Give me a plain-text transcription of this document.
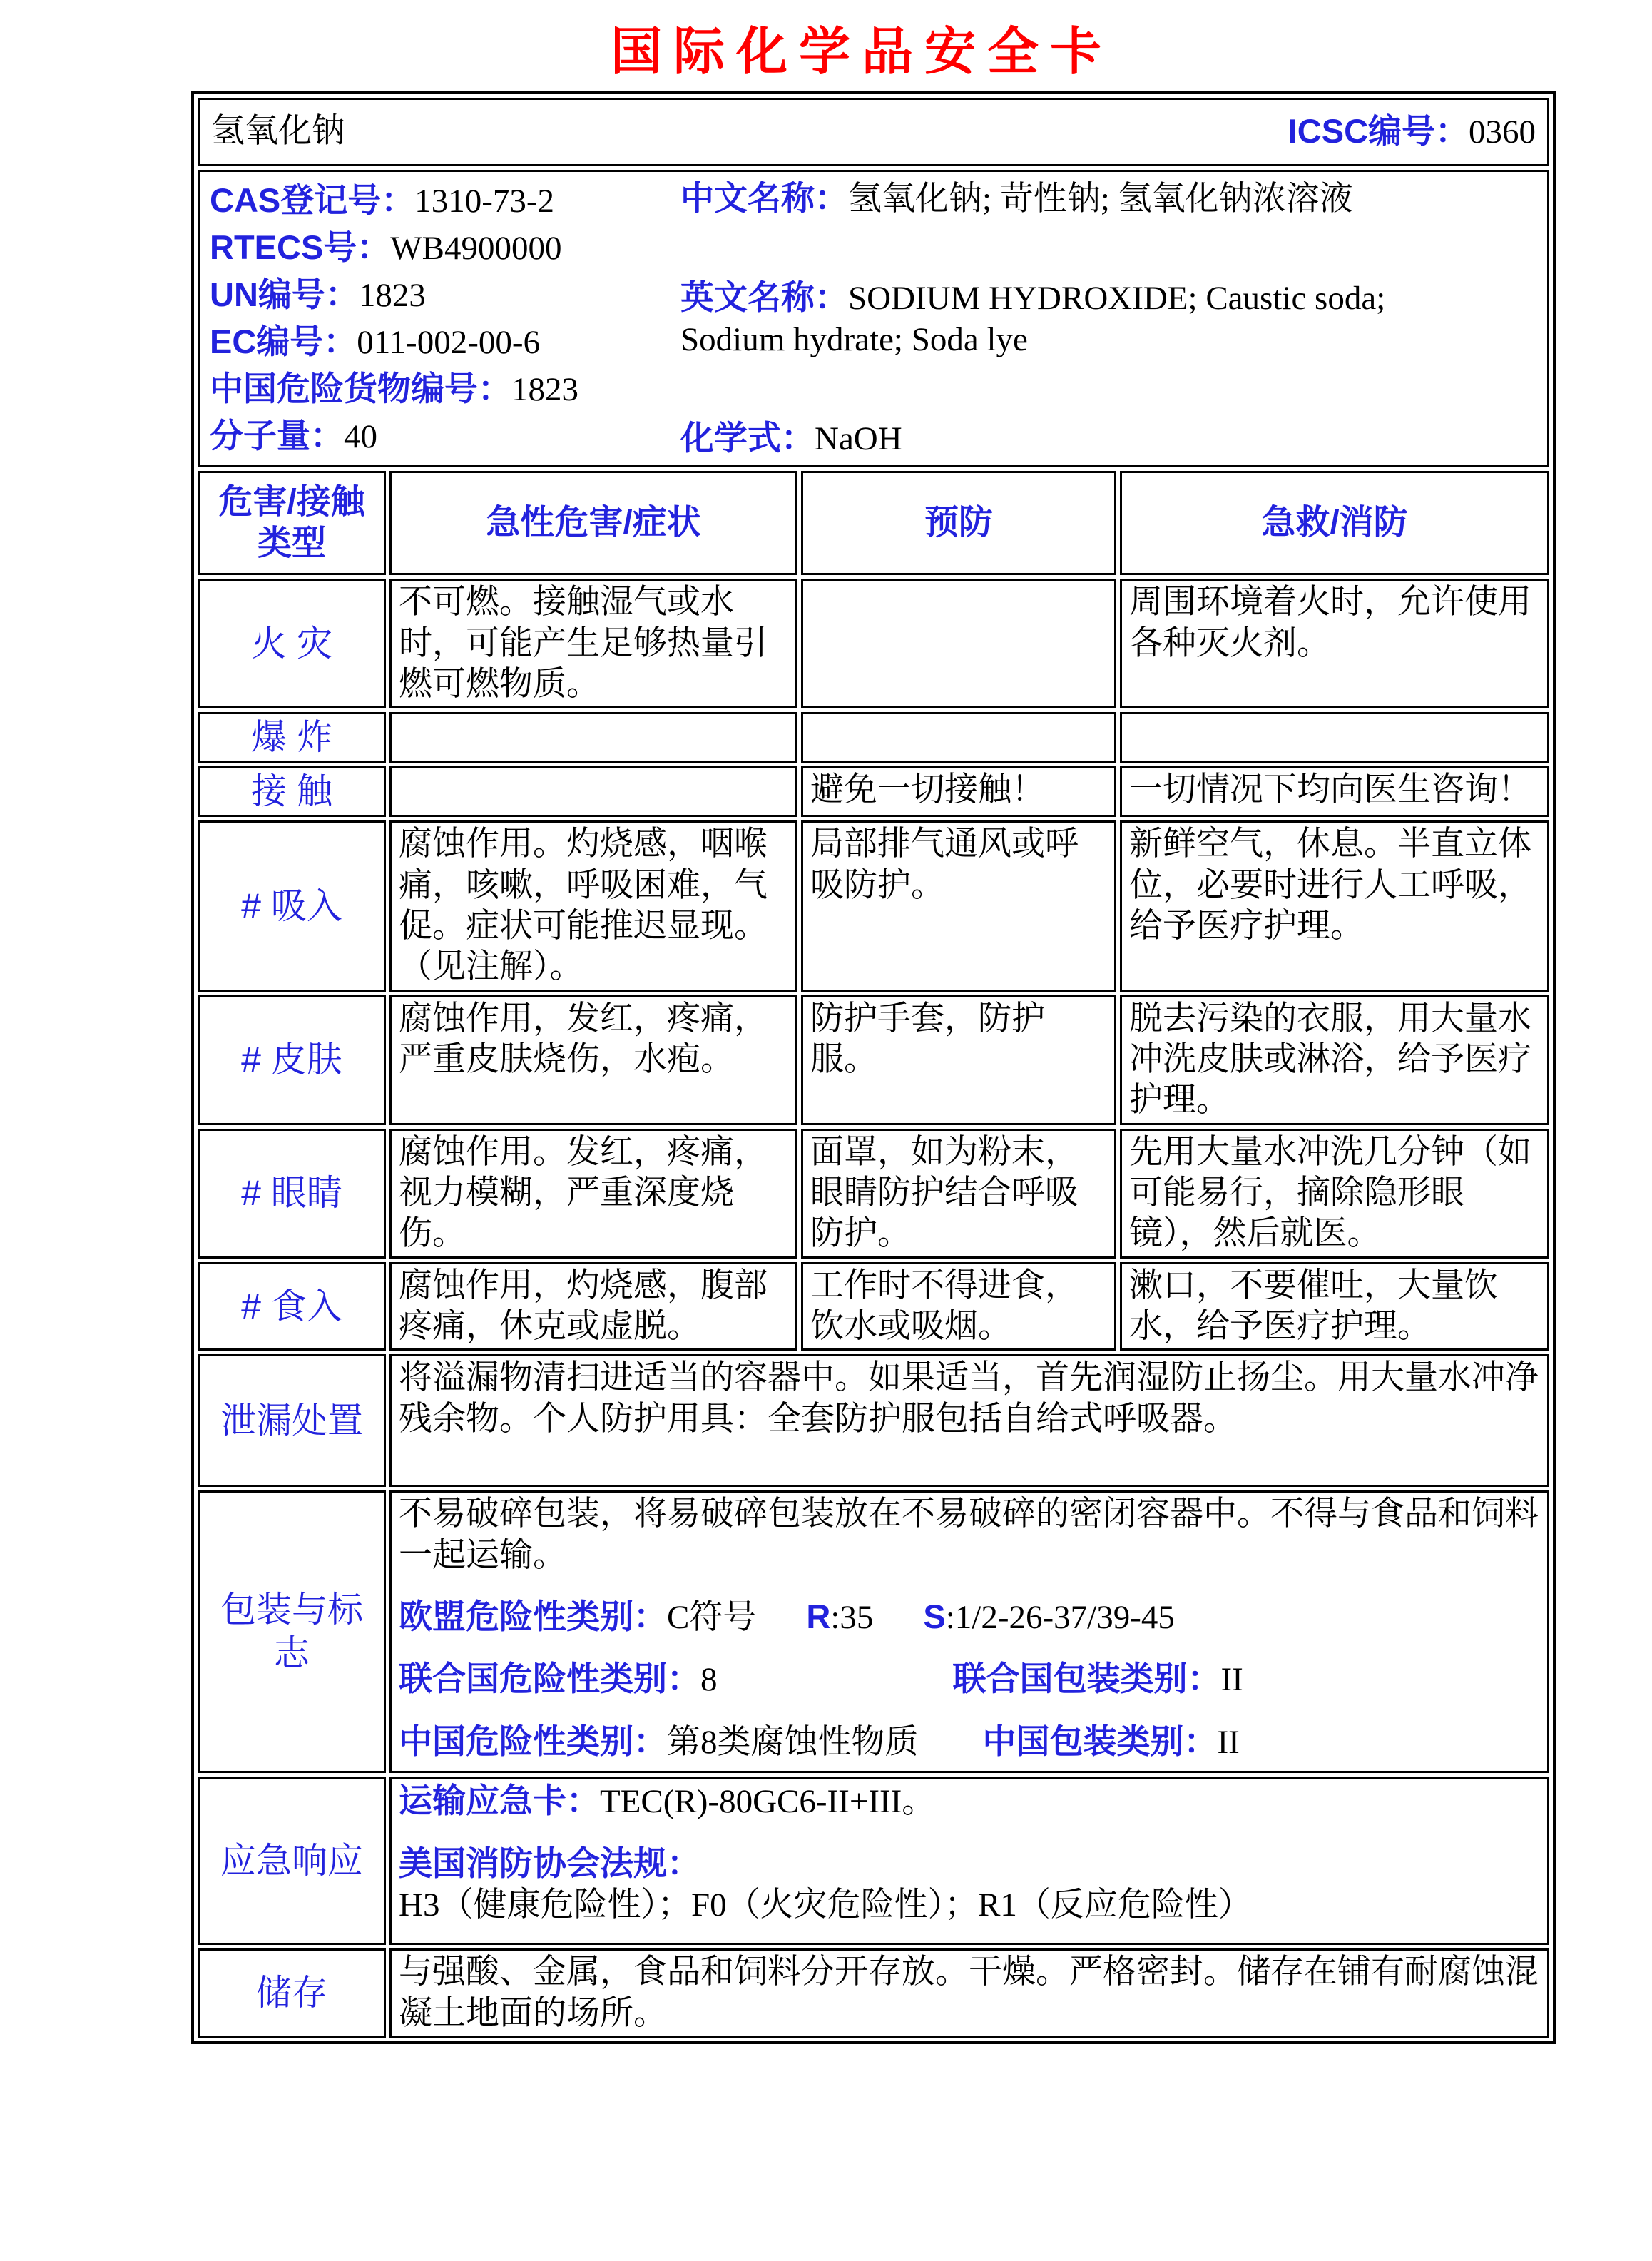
国际化学品安全卡
氢氧化钠 ICSC编号：0360			

CAS登记号：1310-73-2
RTECS号：WB4900000
UN编号：1823
EC编号：011-002-00-6
中国危险货物编号：1823
分子量：40
中文名称：氢氧化钠; 苛性钠; 氢氧化钠浓溶液
英文名称：SODIUM HYDROXIDE; Caustic soda;
Sodium hydrate; Soda lye
化学式：NaOH

危害/接触类型	急性危害/症状	预防	急救/消防
火 灾	不可燃。接触湿气或水时，可能产生足够热量引燃可燃物质。		周围环境着火时，允许使用各种灭火剂。
爆 炸			
接 触		避免一切接触！	一切情况下均向医生咨询！
# 吸入	腐蚀作用。灼烧感，咽喉痛，咳嗽，呼吸困难，气促。症状可能推迟显现。（见注解）。	局部排气通风或呼吸防护。	新鲜空气，休息。半直立体位，必要时进行人工呼吸，给予医疗护理。
# 皮肤	腐蚀作用，发红，疼痛，严重皮肤烧伤，水疱。	防护手套，防护服。	脱去污染的衣服，用大量水冲洗皮肤或淋浴，给予医疗护理。
# 眼睛	腐蚀作用。发红，疼痛，视力模糊，严重深度烧伤。	面罩，如为粉末，眼睛防护结合呼吸防护。	先用大量水冲洗几分钟（如可能易行，摘除隐形眼镜），然后就医。
# 食入	腐蚀作用，灼烧感，腹部疼痛，休克或虚脱。	工作时不得进食，饮水或吸烟。	漱口，不要催吐，大量饮水，给予医疗护理。
泄漏处置	将溢漏物清扫进适当的容器中。如果适当，首先润湿防止扬尘。用大量水冲净残余物。个人防护用具：全套防护服包括自给式呼吸器。		
包装与标志	不易破碎包装，将易破碎包装放在不易破碎的密闭容器中。不得与食品和饲料一起运输。
欧盟危险性类别：C符号 R:35 S:1/2-26-37/39-45
联合国危险性类别：8 联合国包装类别：II
中国危险性类别：第8类腐蚀性物质 中国包装类别：II		

应急响应	运输应急卡：TEC(R)-80GC6-II+III。
美国消防协会法规：H3（健康危险性）；F0（火灾危险性）；R1（反应危险性）		

储存	与强酸、金属，食品和饲料分开存放。干燥。严格密封。储存在铺有耐腐蚀混凝土地面的场所。		
